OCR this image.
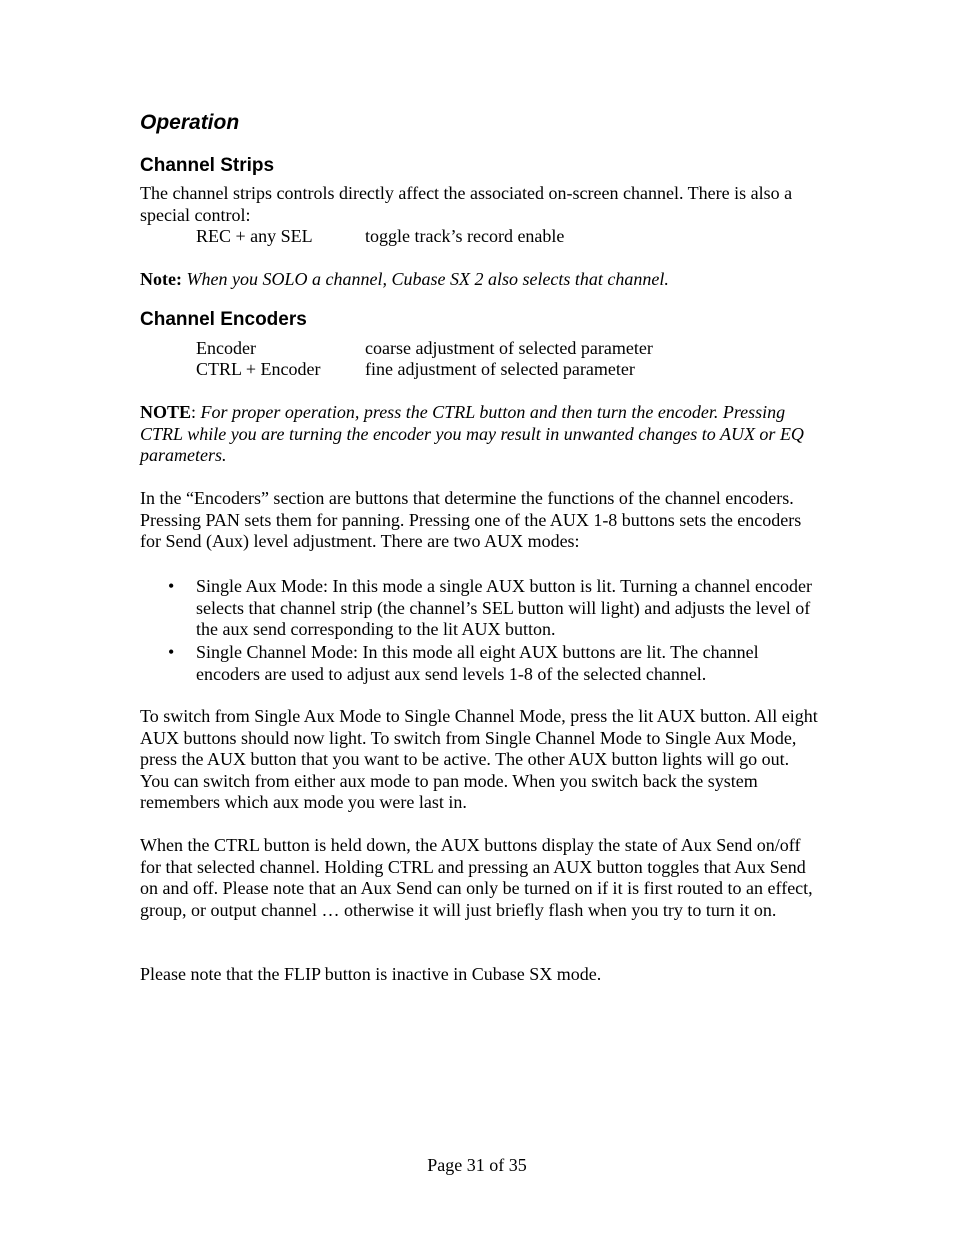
Operation
Channel Strips

The channel strips controls directly affect the associated on-screen channel. There is also a special control:

REC + any SEL	toggle track’s record enable

Note: When you SOLO a channel, Cubase SX 2 also selects that channel.

Channel Encoders
Encoder	coarse adjustment of selected parameter
CTRL + Encoder fine adjustment of selected parameter

NOTE: For proper operation, press the CTRL button and then turn the encoder. Pressing CTRL while you are turning the encoder you may result in unwanted changes to AUX or EQ parameters.

In the “Encoders” section are buttons that determine the functions of the channel encoders. Pressing PAN sets them for panning. Pressing one of the AUX 1-8 buttons sets the encoders for Send (Aux) level adjustment. There are two AUX modes:

• Single Aux Mode: In this mode a single AUX button is lit. Turning a channel encoder selects that channel strip (the channel’s SEL button will light) and adjusts the level of the aux send corresponding to the lit AUX button.
• Single Channel Mode: In this mode all eight AUX buttons are lit. The channel encoders are used to adjust aux send levels 1-8 of the selected channel.

To switch from Single Aux Mode to Single Channel Mode, press the lit AUX button. All eight AUX buttons should now light. To switch from Single Channel Mode to Single Aux Mode, press the AUX button that you want to be active. The other AUX button lights will go out. You can switch from either aux mode to pan mode. When you switch back the system remembers which aux mode you were last in.

When the CTRL button is held down, the AUX buttons display the state of Aux Send on/off for that selected channel. Holding CTRL and pressing an AUX button toggles that Aux Send on and off. Please note that an Aux Send can only be turned on if it is first routed to an effect, group, or output channel … otherwise it will just briefly flash when you try to turn it on.

Please note that the FLIP button is inactive in Cubase SX mode.

Page 31 of 35
